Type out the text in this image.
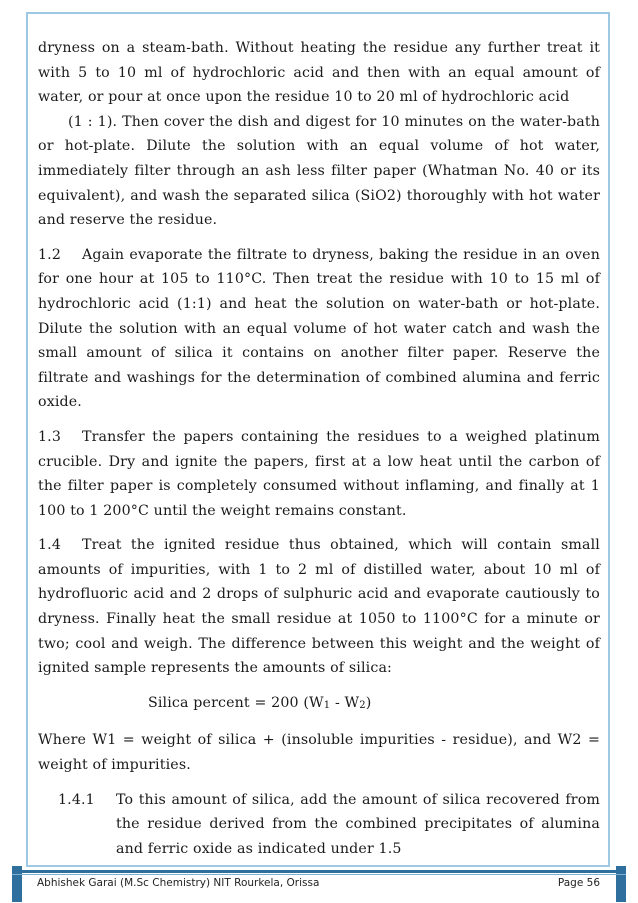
dryness on a steam-bath. Without heating the residue any further treat it with 5 to 10 ml of hydrochloric acid and then with an equal amount of water, or pour at once upon the residue 10 to 20 ml of hydrochloric acid
(1 : 1). Then cover the dish and digest for 10 minutes on the water-bath or hot-plate. Dilute the solution with an equal volume of hot water, immediately filter through an ash less filter paper (Whatman No. 40 or its equivalent), and wash the separated silica (SiO2) thoroughly with hot water and reserve the residue.

1.2 Again evaporate the filtrate to dryness, baking the residue in an oven for one hour at 105 to 110°C. Then treat the residue with 10 to 15 ml of hydrochloric acid (1:1) and heat the solution on water-bath or hot-plate. Dilute the solution with an equal volume of hot water catch and wash the small amount of silica it contains on another filter paper. Reserve the filtrate and washings for the determination of combined alumina and ferric oxide.

1.3 Transfer the papers containing the residues to a weighed platinum crucible. Dry and ignite the papers, first at a low heat until the carbon of the filter paper is completely consumed without inflaming, and finally at 1 100 to 1 200°C until the weight remains constant.

1.4 Treat the ignited residue thus obtained, which will contain small amounts of impurities, with 1 to 2 ml of distilled water, about 10 ml of hydrofluoric acid and 2 drops of sulphuric acid and evaporate cautiously to dryness. Finally heat the small residue at 1050 to 1100°C for a minute or two; cool and weigh. The difference between this weight and the weight of ignited sample represents the amounts of silica:

Silica percent = 200 (W1 - W2)

Where W1 = weight of silica + (insoluble impurities - residue), and W2 = weight of impurities.

1.4.1 To this amount of silica, add the amount of silica recovered from the residue derived from the combined precipitates of alumina and ferric oxide as indicated under 1.5
Abhishek Garai (M.Sc Chemistry) NIT Rourkela, Orissa	Page 56
